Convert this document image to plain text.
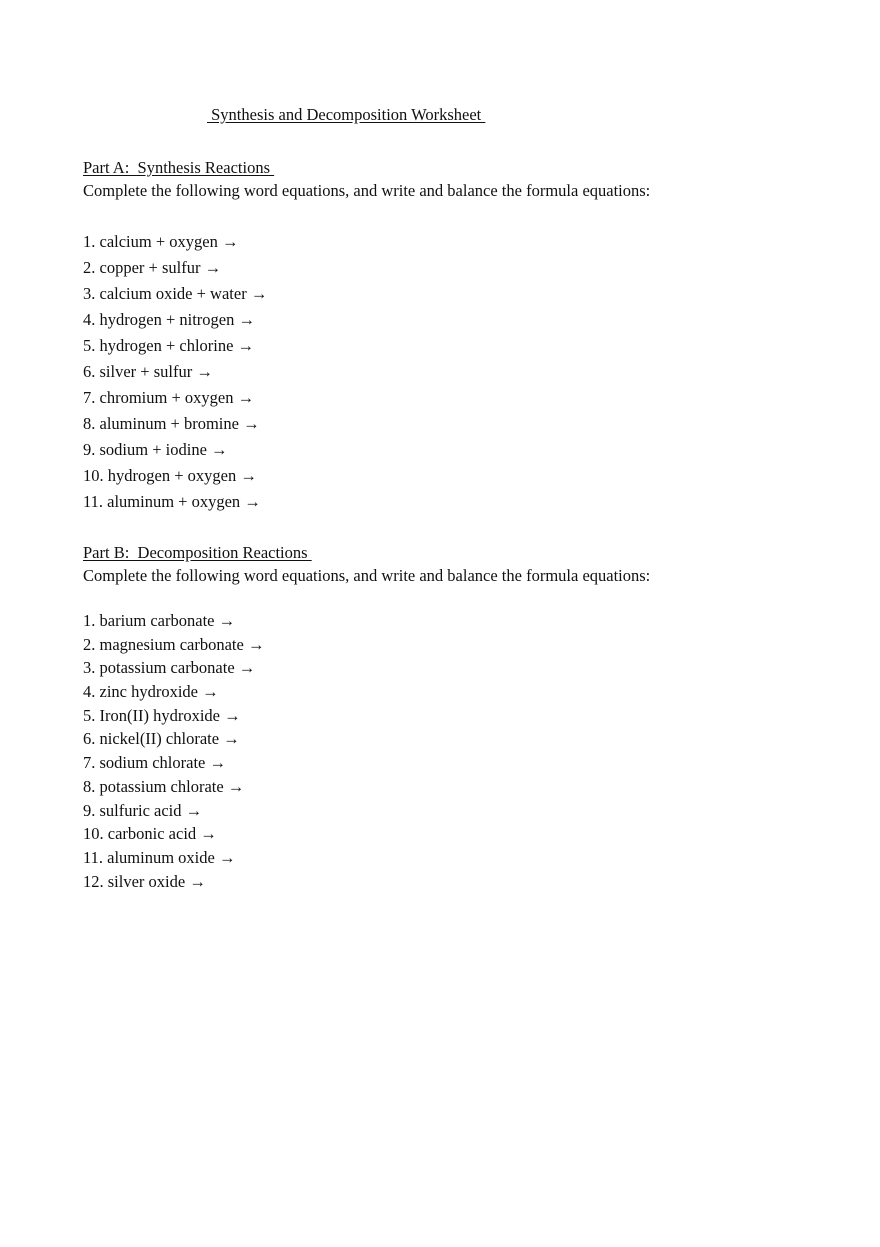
Synthesis and Decomposition Worksheet
Part A:  Synthesis Reactions

Complete the following word equations, and write and balance the formula equations:

1. calcium + oxygen →
2. copper + sulfur →
3. calcium oxide + water →
4. hydrogen + nitrogen →
5. hydrogen + chlorine →
6. silver + sulfur →
7. chromium + oxygen →
8. aluminum + bromine →
9. sodium + iodine →
10. hydrogen + oxygen →
11. aluminum + oxygen →
Part B:  Decomposition Reactions

Complete the following word equations, and write and balance the formula equations:

1. barium carbonate →
2. magnesium carbonate →
3. potassium carbonate →
4. zinc hydroxide →
5. Iron(II) hydroxide →
6. nickel(II) chlorate →
7. sodium chlorate →
8. potassium chlorate →
9. sulfuric acid →
10. carbonic acid →
11. aluminum oxide →
12. silver oxide →
